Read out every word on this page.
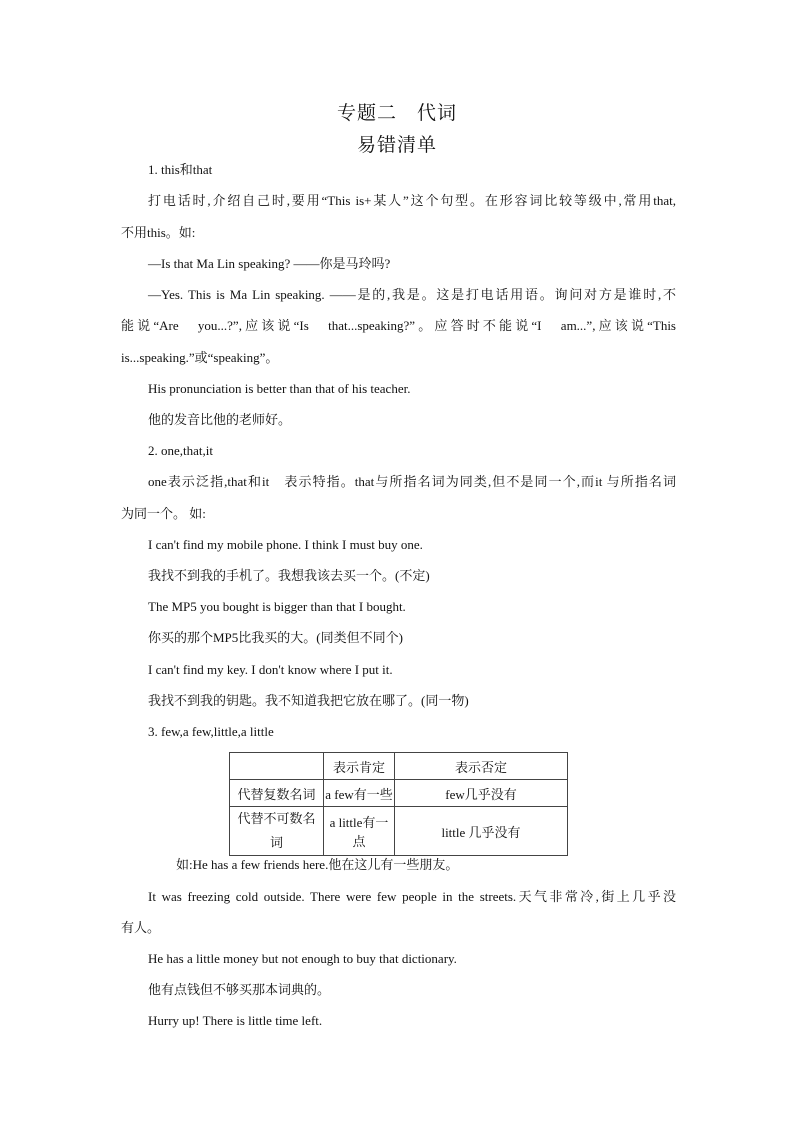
专题二　代词
易错清单
1. this和that
打电话时,介绍自己时,要用“This is+某人”这个句型。在形容词比较等级中,常用that,
不用this。如:
—Is that Ma Lin speaking? ——你是马玲吗?
—Yes. This is Ma Lin speaking. ——是的,我是。这是打电话用语。询问对方是谁时,不
能说“Are　you...?”,应该说“Is　that...speaking?”。应答时不能说“I　am...”,应该说“This
is...speaking.”或“speaking”。
His pronunciation is better than that of his teacher.
他的发音比他的老师好。
2. one,that,it
one表示泛指,that和it　表示特指。that与所指名词为同类,但不是同一个,而it 与所指名词
为同一个。 如:
I can't find my mobile phone. I think I must buy one.
我找不到我的手机了。我想我该去买一个。(不定)
The MP5 you bought is bigger than that I bought.
你买的那个MP5比我买的大。(同类但不同个)
I can't find my key. I don't know where I put it.
我找不到我的钥匙。我不知道我把它放在哪了。(同一物)
3. few,a few,little,a little
	表示肯定	表示否定
代替复数名词	a few有一些	few几乎没有
代替不可数名
词	a little有一点	little 几乎没有
如:He has a few friends here.他在这儿有一些朋友。
It was freezing cold outside. There were few people in the streets.天气非常冷,街上几乎没
有人。
He has a little money but not enough to buy that dictionary.
他有点钱但不够买那本词典的。
Hurry up! There is little time left.
